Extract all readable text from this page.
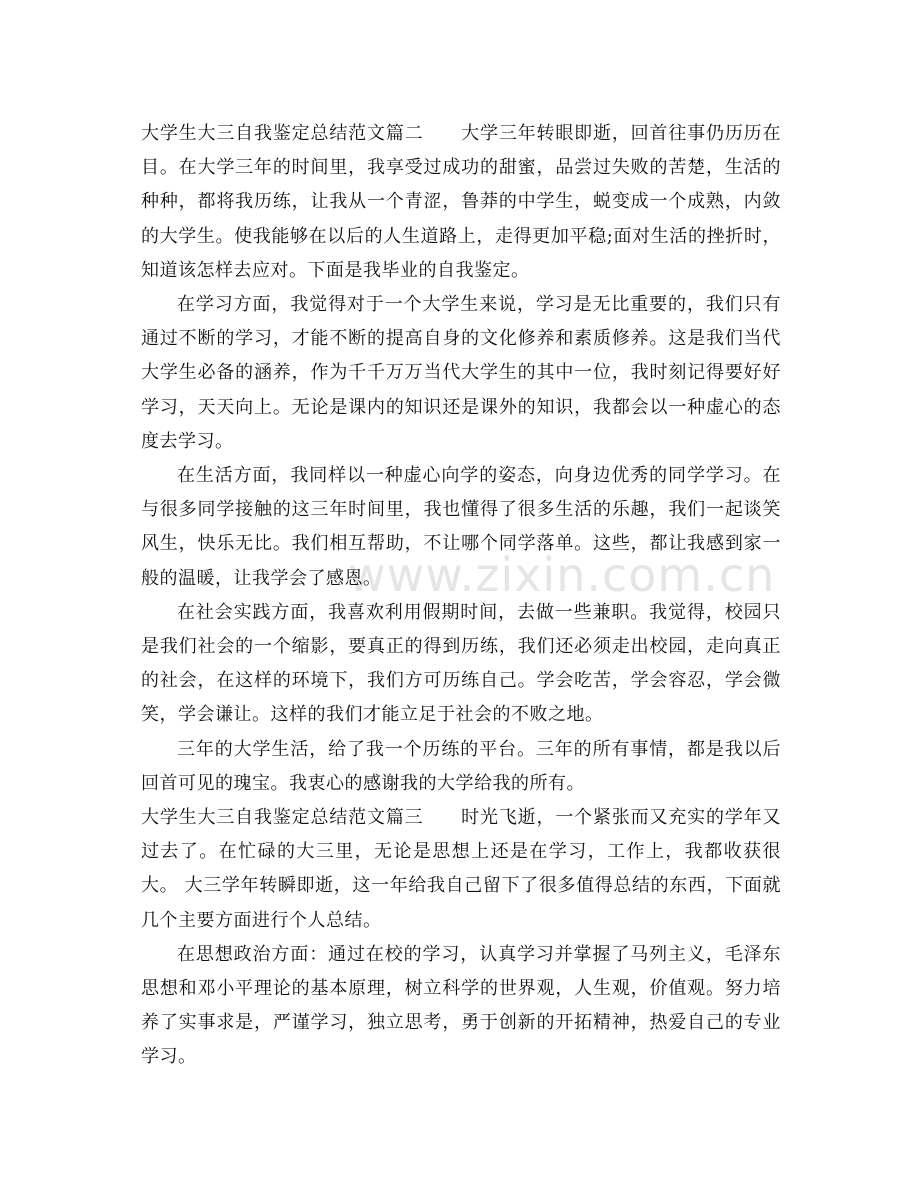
www.zixin.com.cn

大学生大三自我鉴定总结范文篇二　　大学三年转眼即逝，回首往事仍历历在目。在大学三年的时间里，我享受过成功的甜蜜，品尝过失败的苦楚，生活的种种，都将我历练，让我从一个青涩，鲁莽的中学生，蜕变成一个成熟，内敛的大学生。使我能够在以后的人生道路上，走得更加平稳;面对生活的挫折时，知道该怎样去应对。下面是我毕业的自我鉴定。

在学习方面，我觉得对于一个大学生来说，学习是无比重要的，我们只有通过不断的学习，才能不断的提高自身的文化修养和素质修养。这是我们当代大学生必备的涵养，作为千千万万当代大学生的其中一位，我时刻记得要好好学习，天天向上。无论是课内的知识还是课外的知识，我都会以一种虚心的态度去学习。

在生活方面，我同样以一种虚心向学的姿态，向身边优秀的同学学习。在与很多同学接触的这三年时间里，我也懂得了很多生活的乐趣，我们一起谈笑风生，快乐无比。我们相互帮助，不让哪个同学落单。这些，都让我感到家一般的温暖，让我学会了感恩。

在社会实践方面，我喜欢利用假期时间，去做一些兼职。我觉得，校园只是我们社会的一个缩影，要真正的得到历练，我们还必须走出校园，走向真正的社会，在这样的环境下，我们方可历练自己。学会吃苦，学会容忍，学会微笑，学会谦让。这样的我们才能立足于社会的不败之地。

三年的大学生活，给了我一个历练的平台。三年的所有事情，都是我以后回首可见的瑰宝。我衷心的感谢我的大学给我的所有。

大学生大三自我鉴定总结范文篇三　　时光飞逝，一个紧张而又充实的学年又过去了。在忙碌的大三里，无论是思想上还是在学习，工作上，我都收获很大。 大三学年转瞬即逝，这一年给我自己留下了很多值得总结的东西，下面就几个主要方面进行个人总结。

在思想政治方面：通过在校的学习，认真学习并掌握了马列主义，毛泽东思想和邓小平理论的基本原理，树立科学的世界观，人生观，价值观。努力培养了实事求是，严谨学习，独立思考，勇于创新的开拓精神，热爱自己的专业学习。
